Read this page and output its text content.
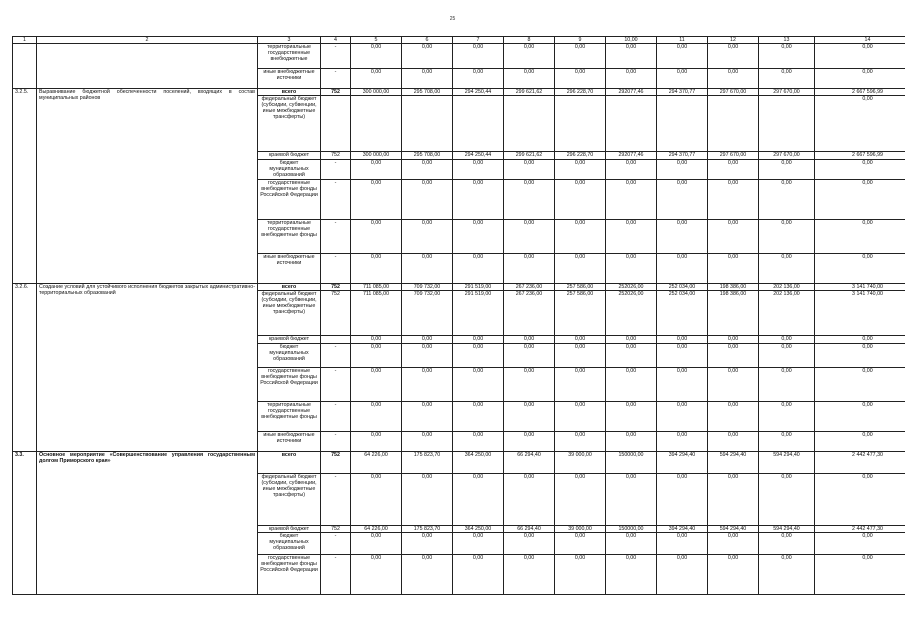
25
1	2	3	4	5	6	7	8	9	10,00	11	12	13	14
		территориальные государственные внебюджетные	-	0,00	0,00	0,00	0,00	0,00	0,00	0,00	0,00	0,00	0,00
		иные внебюджетные источники	-	0,00	0,00	0,00	0,00	0,00	0,00	0,00	0,00	0,00	0,00
3.2.5.	Выравнивание бюджетной обеспеченности поселений, входящих в состав муниципальных районов	всего	752	300 000,00	295 708,00	294 250,44	299 621,62	296 228,70	292077,46	294 370,77	297 670,00	297 670,00	2 667 596,99
		федеральный бюджет (субсидии, субвенции, иные межбюджетные трансферты)											0,00
		краевой бюджет	752	300 000,00	295 708,00	294 250,44	299 621,62	296 228,70	292077,46	294 370,77	297 670,00	297 670,00	2 667 596,99
		бюджет муниципальных образований	-	0,00	0,00	0,00	0,00	0,00	0,00	0,00	0,00	0,00	0,00
		государственные внебюджетные фонды Российской Федерации	-	0,00	0,00	0,00	0,00	0,00	0,00	0,00	0,00	0,00	0,00
		территориальные государственные внебюджетные фонды	-	0,00	0,00	0,00	0,00	0,00	0,00	0,00	0,00	0,00	0,00
		иные внебюджетные источники	-	0,00	0,00	0,00	0,00	0,00	0,00	0,00	0,00	0,00	0,00
3.2.6.	Создание условий для устойчивого исполнения бюджетов закрытых административно-территориальных образований	всего	752	711 085,00	709 732,00	291 519,00	267 236,00	257 586,00	252026,00	252 034,00	198 386,00	202 136,00	3 141 740,00
		федеральный бюджет (субсидии, субвенции, иные межбюджетные трансферты)	752	711 085,00	709 732,00	291 519,00	267 236,00	257 586,00	252026,00	252 034,00	198 386,00	202 136,00	3 141 740,00
		краевой бюджет		0,00	0,00	0,00	0,00	0,00	0,00	0,00	0,00	0,00	0,00
		бюджет муниципальных образований	-	0,00	0,00	0,00	0,00	0,00	0,00	0,00	0,00	0,00	0,00
		государственные внебюджетные фонды Российской Федерации	-	0,00	0,00	0,00	0,00	0,00	0,00	0,00	0,00	0,00	0,00
		территориальные государственные внебюджетные фонды	-	0,00	0,00	0,00	0,00	0,00	0,00	0,00	0,00	0,00	0,00
		иные внебюджетные источники	-	0,00	0,00	0,00	0,00	0,00	0,00	0,00	0,00	0,00	0,00
3.3.	Основное мероприятие «Совершенствование управления государственным долгом Приморского края»	всего	752	64 226,00	175 823,70	364 250,00	66 294,40	39 000,00	150000,00	394 294,40	594 294,40	594 294,40	2 442 477,30
		федеральный бюджет (субсидии, субвенции, иные межбюджетные трансферты)	-	0,00	0,00	0,00	0,00	0,00	0,00	0,00	0,00	0,00	0,00
		краевой бюджет	752	64 226,00	175 823,70	364 250,00	66 294,40	39 000,00	150000,00	394 294,40	594 294,40	594 294,40	2 442 477,30
		бюджет муниципальных образований	-	0,00	0,00	0,00	0,00	0,00	0,00	0,00	0,00	0,00	0,00
		государственные внебюджетные фонды Российской Федерации	-	0,00	0,00	0,00	0,00	0,00	0,00	0,00	0,00	0,00	0,00
